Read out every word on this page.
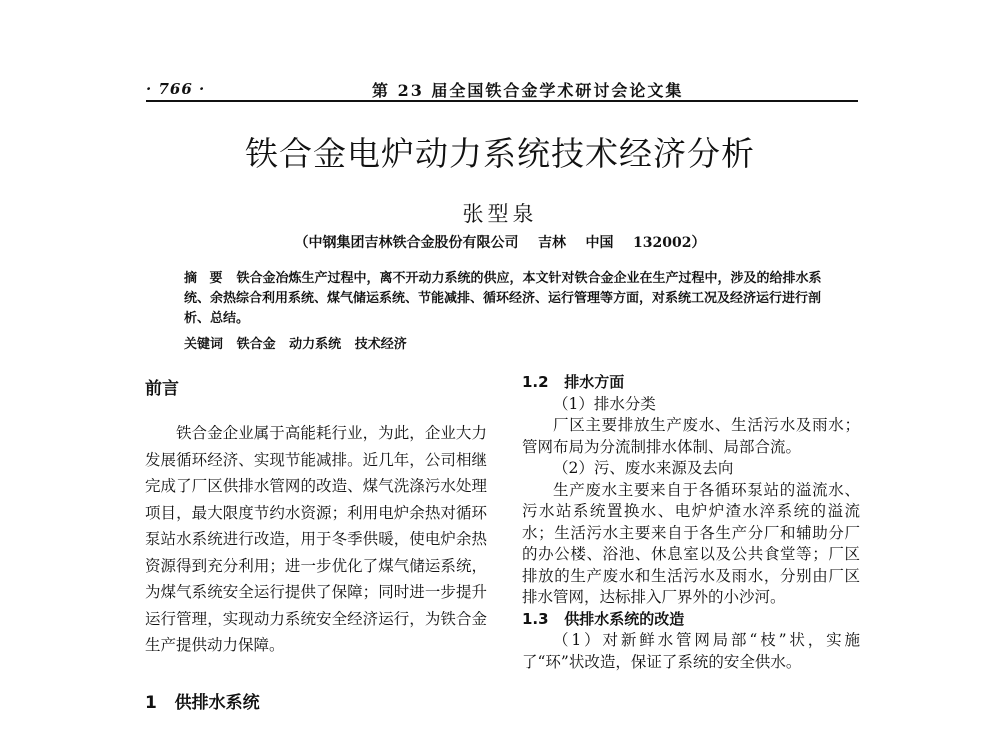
· 766 ·	第 23 届全国铁合金学术研讨会论文集
铁合金电炉动力系统技术经济分析
张型泉
（中钢集团吉林铁合金股份有限公司    吉林    中国    132002）
摘 要 铁合金冶炼生产过程中，离不开动力系统的供应，本文针对铁合金企业在生产过程中，涉及的给排水系统、余热综合利用系统、煤气储运系统、节能减排、循环经济、运行管理等方面，对系统工况及经济运行进行剖析、总结。
关键词 铁合金   动力系统   技术经济
前言

铁合金企业属于高能耗行业，为此，企业大力发展循环经济、实现节能减排。近几年，公司相继完成了厂区供排水管网的改造、煤气洗涤污水处理项目，最大限度节约水资源；利用电炉余热对循环泵站水系统进行改造，用于冬季供暖，使电炉余热资源得到充分利用；进一步优化了煤气储运系统，为煤气系统安全运行提供了保障；同时进一步提升运行管理，实现动力系统安全经济运行，为铁合金生产提供动力保障。

1   供排水系统
1.2   排水方面
（1）排水分类
厂区主要排放生产废水、生活污水及雨水；管网布局为分流制排水体制、局部合流。
（2）污、废水来源及去向
生产废水主要来自于各循环泵站的溢流水、污水站系统置换水、电炉炉渣水淬系统的溢流水；生活污水主要来自于各生产分厂和辅助分厂的办公楼、浴池、休息室以及公共食堂等；厂区排放的生产废水和生活污水及雨水，分别由厂区排水管网，达标排入厂界外的小沙河。
1.3   供排水系统的改造
（1）对新鲜水管网局部“枝”状，实施了“环”状改造，保证了系统的安全供水。
